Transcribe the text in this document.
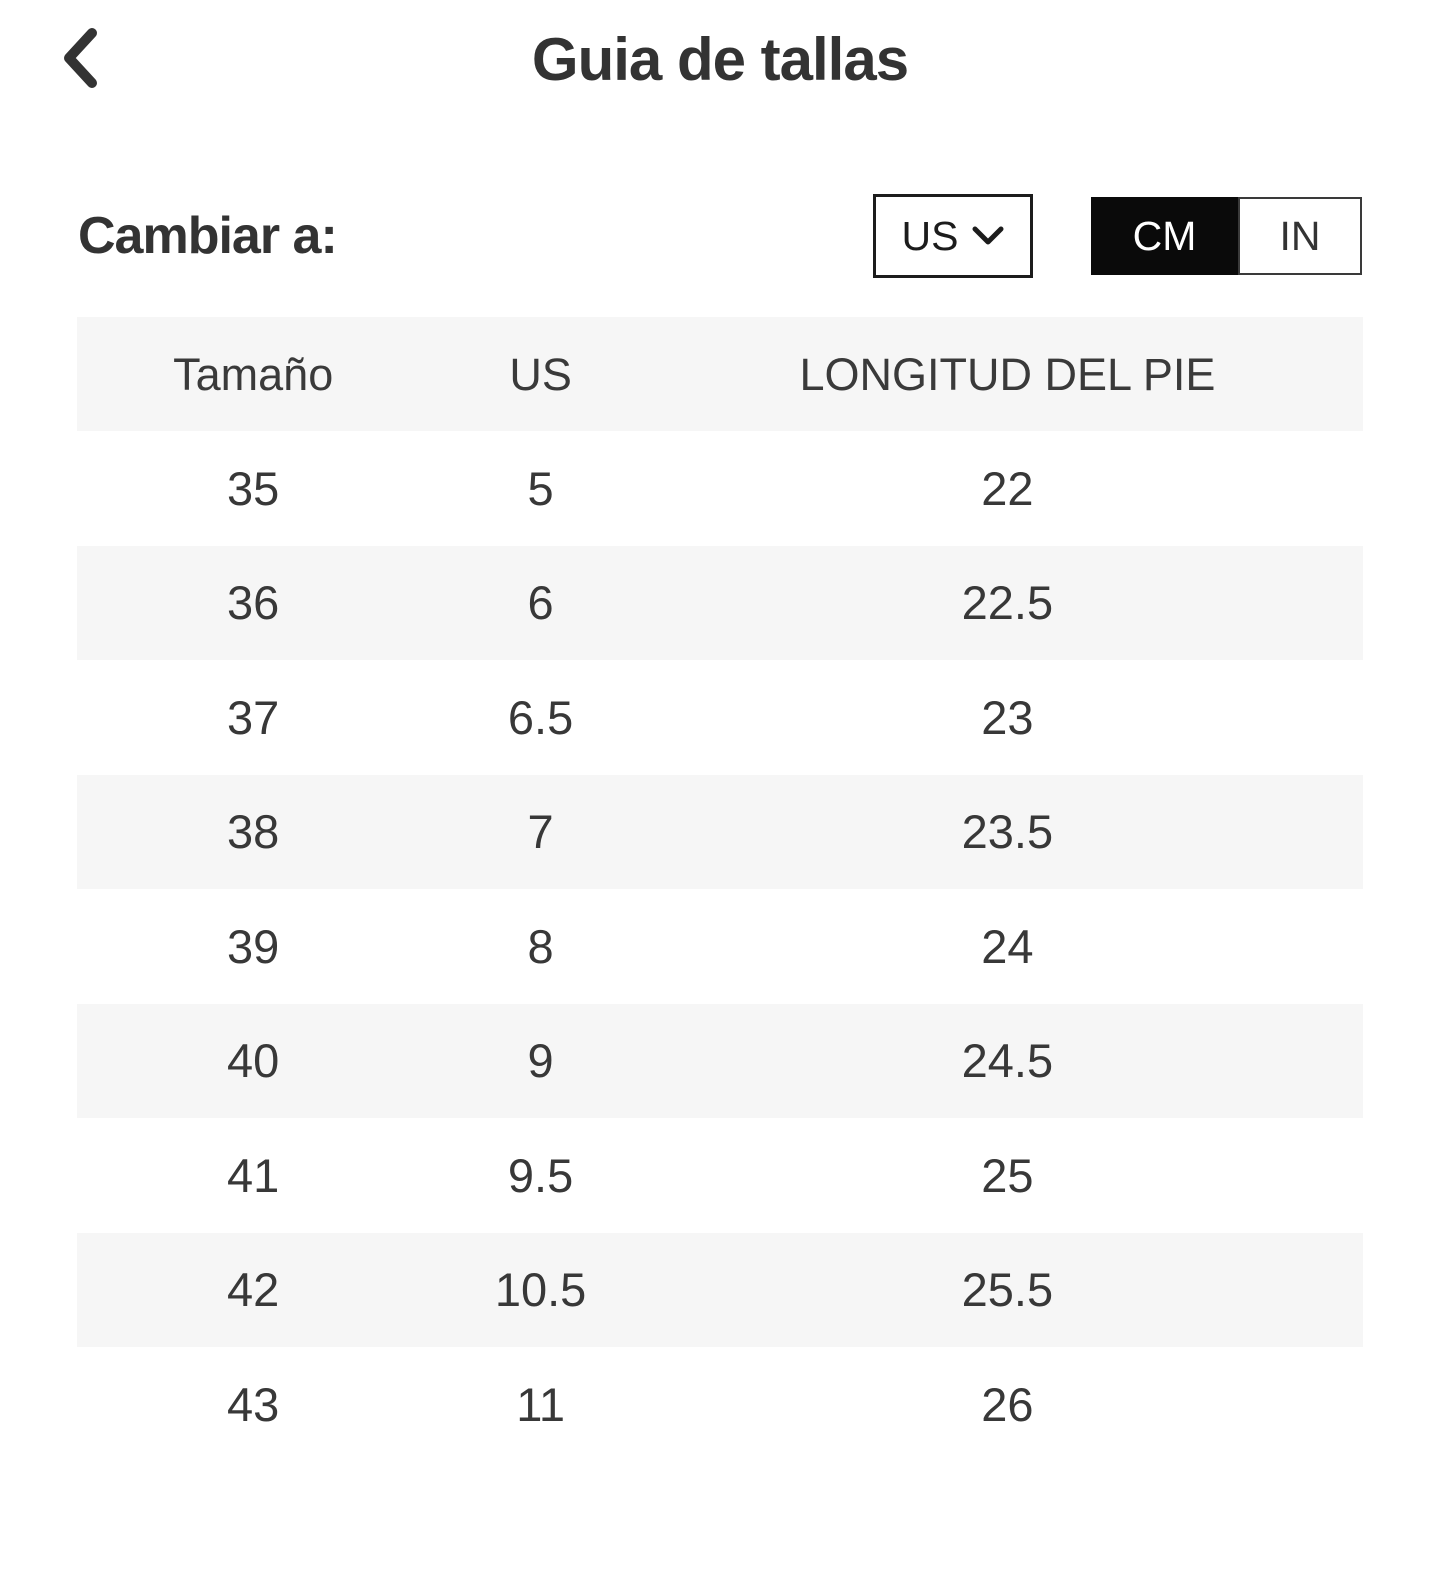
Guia de tallas
Cambiar a:	US	CM	IN
Tamaño	US	LONGITUD DEL PIE
35	5	22
36	6	22.5
37	6.5	23
38	7	23.5
39	8	24
40	9	24.5
41	9.5	25
42	10.5	25.5
43	11	26
